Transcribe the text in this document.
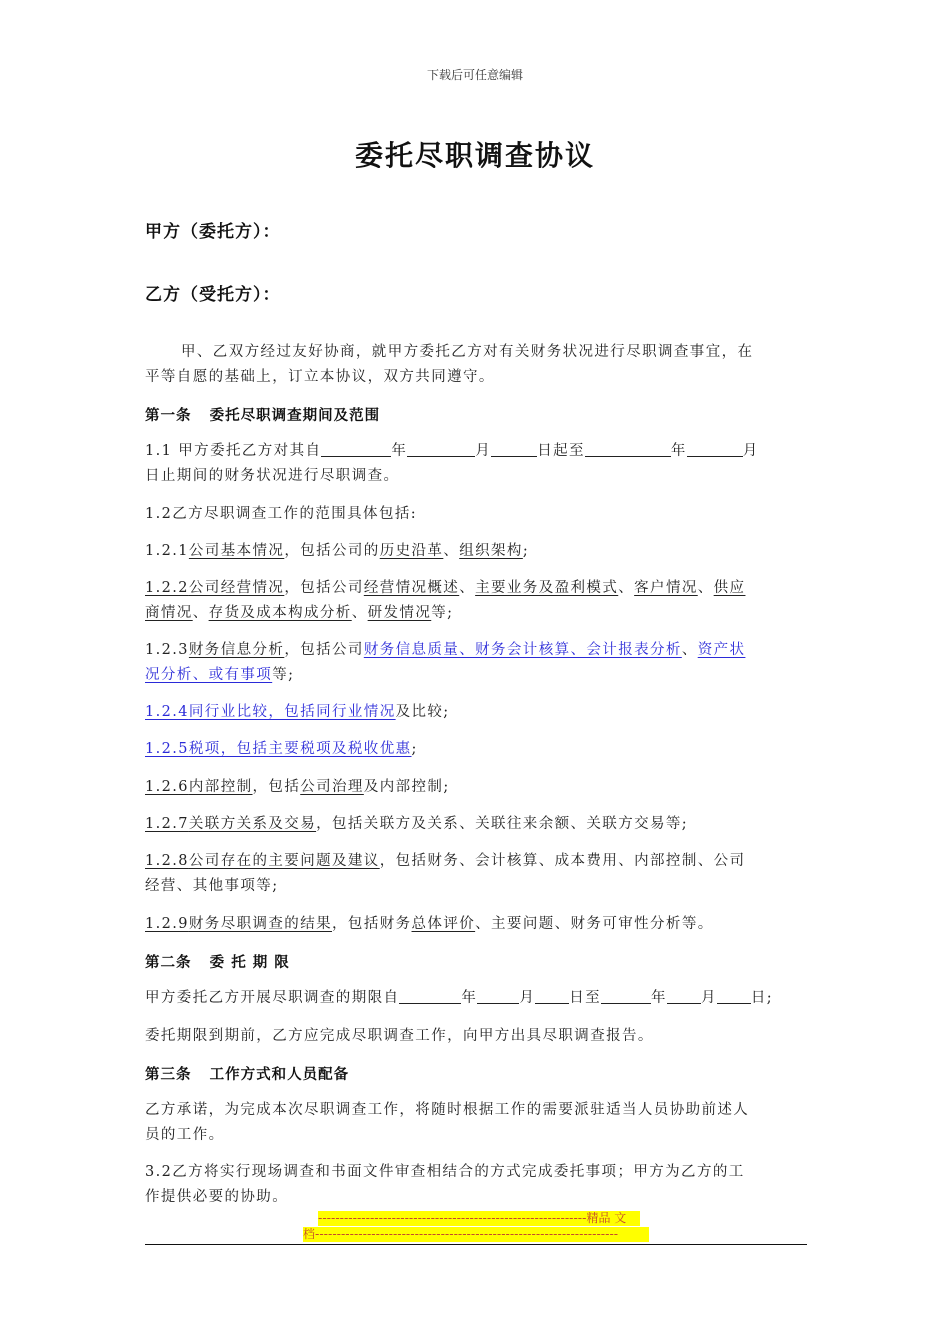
下载后可任意编辑
委托尽职调查协议
甲方（委托方）：
乙方（受托方）：
甲、乙双方经过友好协商，就甲方委托乙方对有关财务状况进行尽职调查事宜，在
平等自愿的基础上，订立本协议，双方共同遵守。
第一条   委托尽职调查期间及范围
1.1 甲方委托乙方对其自	年	月	日起至	年	月
日止期间的财务状况进行尽职调查。
1.2乙方尽职调查工作的范围具体包括:
1.2.1公司基本情况，包括公司的历史沿革、组织架构;
1.2.2公司经营情况，包括公司经营情况概述、主要业务及盈利模式、客户情况、供应
商情况、存货及成本构成分析、研发情况等;
1.2.3财务信息分析，包括公司财务信息质量、财务会计核算、会计报表分析、资产状
况分析、或有事项等;
1.2.4同行业比较，包括同行业情况及比较;
1.2.5税项，包括主要税项及税收优惠;
1.2.6内部控制，包括公司治理及内部控制;
1.2.7关联方关系及交易，包括关联方及关系、关联往来余额、关联方交易等;
1.2.8公司存在的主要问题及建议，包括财务、会计核算、成本费用、内部控制、公司
经营、其他事项等;
1.2.9财务尽职调查的结果，包括财务总体评价、主要问题、财务可审性分析等。
第二条   委 托 期 限
甲方委托乙方开展尽职调查的期限自	年	月 日至	年 月 日;
委托期限到期前，乙方应完成尽职调查工作，向甲方出具尽职调查报告。
第三条   工作方式和人员配备
乙方承诺，为完成本次尽职调查工作，将随时根据工作的需要派驻适当人员协助前述人
员的工作。
3.2乙方将实行现场调查和书面文件审查相结合的方式完成委托事项；甲方为乙方的工
作提供必要的协助。
--------------------------------------------------------------精品 文
档----------------------------------------------------------------------
